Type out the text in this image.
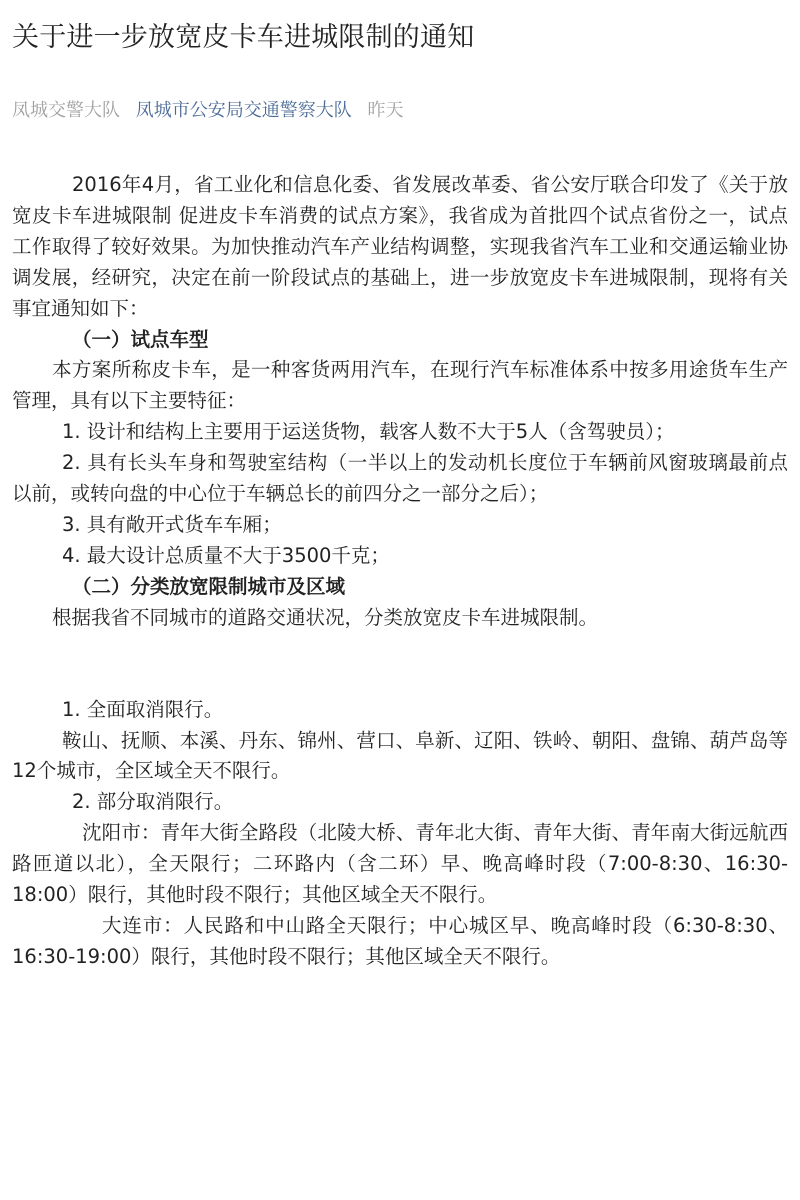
关于进一步放宽皮卡车进城限制的通知
凤城交警大队 凤城市公安局交通警察大队 昨天

2016年4月，省工业化和信息化委、省发展改革委、省公安厅联合印发了《关于放宽皮卡车进城限制 促进皮卡车消费的试点方案》，我省成为首批四个试点省份之一，试点工作取得了较好效果。为加快推动汽车产业结构调整，实现我省汽车工业和交通运输业协调发展，经研究，决定在前一阶段试点的基础上，进一步放宽皮卡车进城限制，现将有关事宜通知如下：

（一）试点车型

本方案所称皮卡车，是一种客货两用汽车，在现行汽车标准体系中按多用途货车生产管理，具有以下主要特征：

1. 设计和结构上主要用于运送货物，载客人数不大于5人（含驾驶员）；

2. 具有长头车身和驾驶室结构（一半以上的发动机长度位于车辆前风窗玻璃最前点以前，或转向盘的中心位于车辆总长的前四分之一部分之后）；

3. 具有敞开式货车车厢；

4. 最大设计总质量不大于3500千克；

（二）分类放宽限制城市及区域

根据我省不同城市的道路交通状况，分类放宽皮卡车进城限制。

1. 全面取消限行。

鞍山、抚顺、本溪、丹东、锦州、营口、阜新、辽阳、铁岭、朝阳、盘锦、葫芦岛等12个城市，全区域全天不限行。

2. 部分取消限行。

沈阳市：青年大街全路段（北陵大桥、青年北大街、青年大街、青年南大街远航西路匝道以北），全天限行；二环路内（含二环）早、晚高峰时段（7:00-8:30、16:30-18:00）限行，其他时段不限行；其他区域全天不限行。

大连市：人民路和中山路全天限行；中心城区早、晚高峰时段（6:30-8:30、16:30-19:00）限行，其他时段不限行；其他区域全天不限行。
